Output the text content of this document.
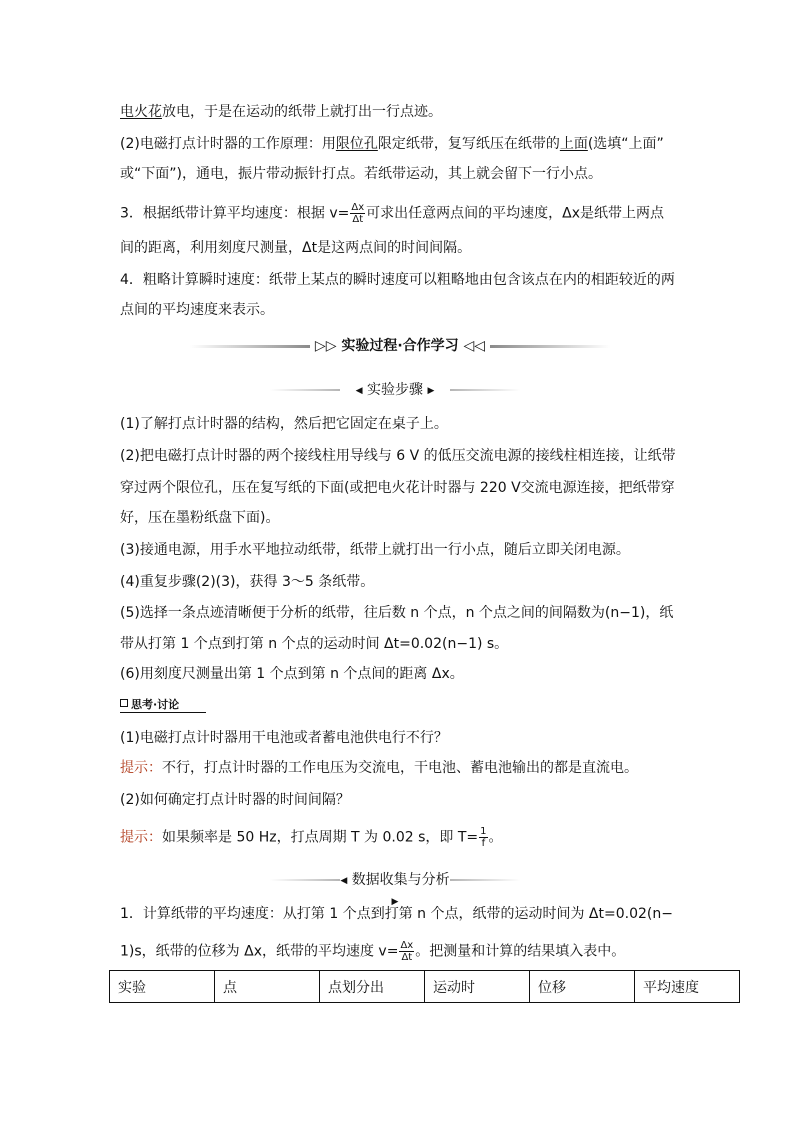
电火花放电，于是在运动的纸带上就打出一行点迹。
(2)电磁打点计时器的工作原理：用限位孔限定纸带，复写纸压在纸带的上面(选填“上面”
或“下面”)，通电，振片带动振针打点。若纸带运动，其上就会留下一行小点。
3．根据纸带计算平均速度：根据 $v= \frac{\Delta x}{\Delta t}$ 可求出任意两点间的平均速度，Δx是纸带上两点
间的距离，利用刻度尺测量，Δt是这两点间的时间间隔。
4．粗略计算瞬时速度：纸带上某点的瞬时速度可以粗略地由包含该点在内的相距较近的两
点间的平均速度来表示。
▷▷ 实验过程·合作学习 ◁◁
◀ 实验步骤 ▶
(1)了解打点计时器的结构，然后把它固定在桌子上。
(2)把电磁打点计时器的两个接线柱用导线与 6 V 的低压交流电源的接线柱相连接，让纸带
穿过两个限位孔，压在复写纸的下面(或把电火花计时器与 220 V交流电源连接，把纸带穿
好，压在墨粉纸盘下面)。
(3)接通电源，用手水平地拉动纸带，纸带上就打出一行小点，随后立即关闭电源。
(4)重复步骤(2)(3)，获得 3～5 条纸带。
(5)选择一条点迹清晰便于分析的纸带，往后数 n 个点，n 个点之间的间隔数为(n−1)，纸
带从打第 1 个点到打第 n 个点的运动时间 Δt=0.02(n−1) s。
(6)用刻度尺测量出第 1 个点到第 n 个点间的距离 Δx。
思考·讨论
(1)电磁打点计时器用干电池或者蓄电池供电行不行？
提示：不行，打点计时器的工作电压为交流电，干电池、蓄电池输出的都是直流电。
(2)如何确定打点计时器的时间间隔？
提示：如果频率是 50 Hz，打点周期 T 为 0.02 s，即 $T= \frac{1}{f}$ 。
◀ 数据收集与分析 ▶
1．计算纸带的平均速度：从打第 1 个点到打第 n 个点，纸带的运动时间为 Δt=0.02(n−
1)s，纸带的位移为 Δx，纸带的平均速度 $v= \frac{\Delta x}{\Delta t}$ 。把测量和计算的结果填入表中。
实验	点	点划分出	运动时	位移	平均速度
